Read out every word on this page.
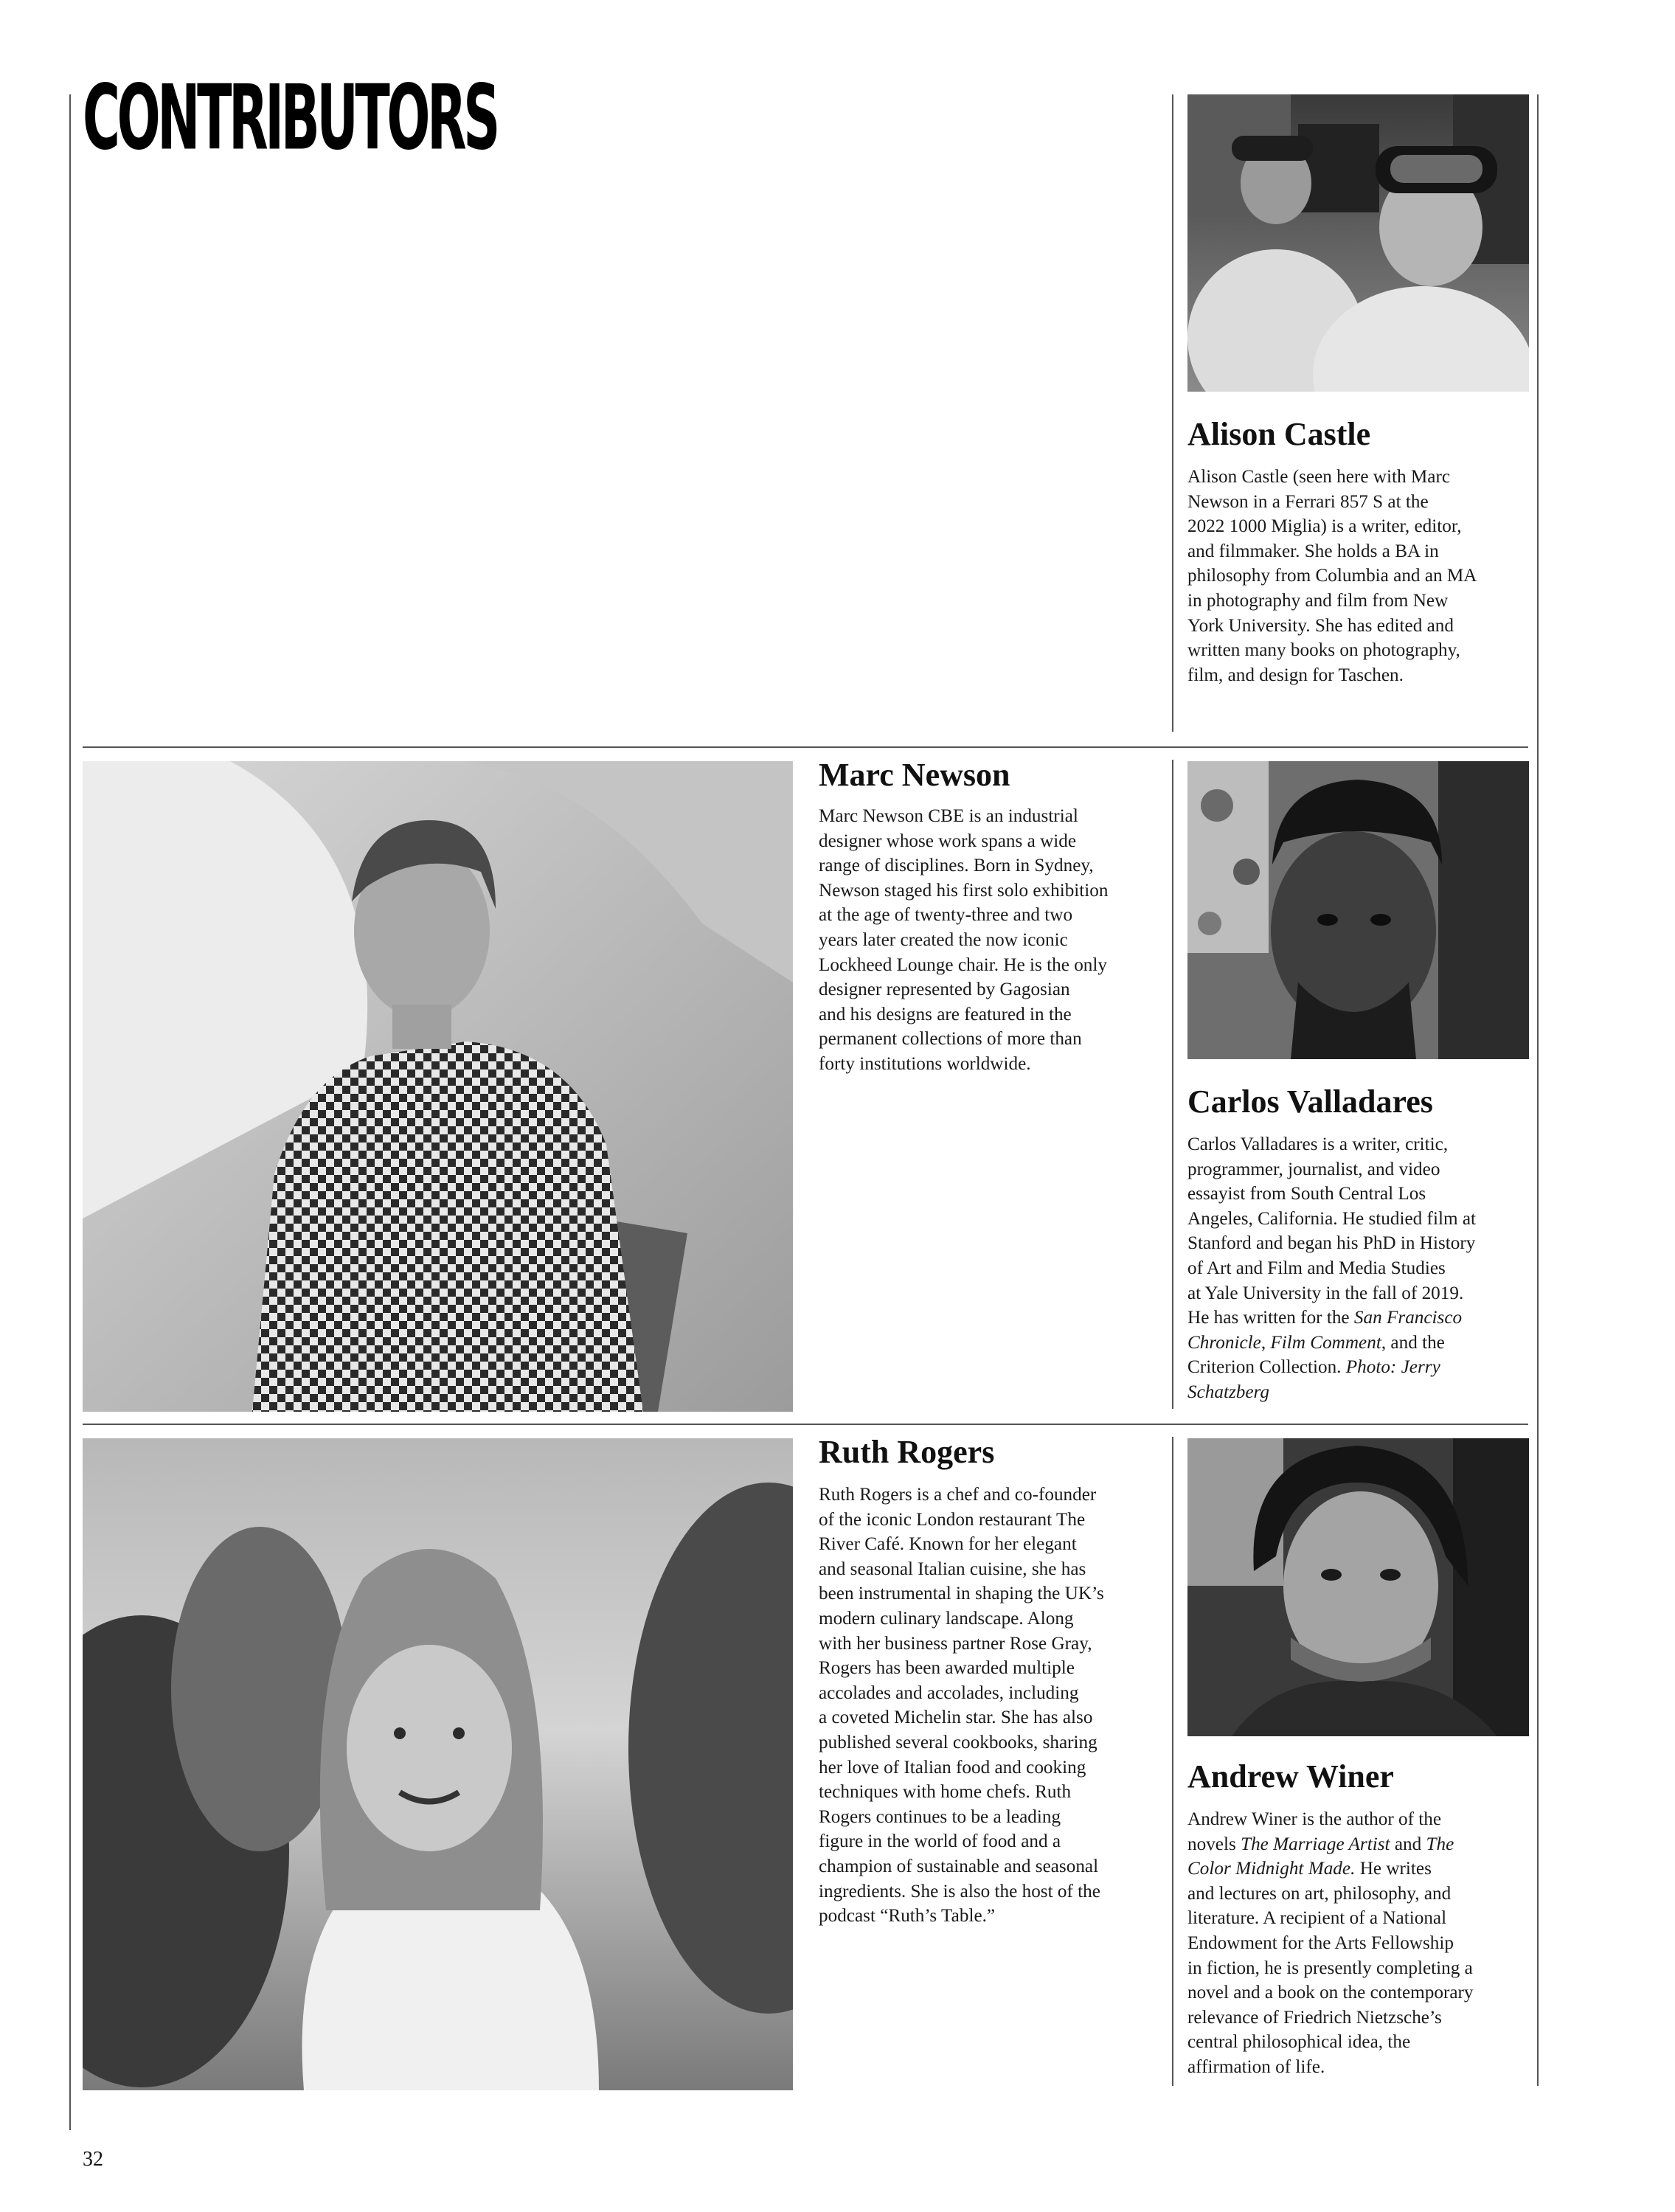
CONTRIBUTORS
Alison Castle

Alison Castle (seen here with Marc
Newson in a Ferrari 857 S at the
2022 1000 Miglia) is a writer, editor,
and filmmaker. She holds a BA in
philosophy from Columbia and an MA
in photography and film from New
York University. She has edited and
written many books on photography,
film, and design for Taschen.

Marc Newson

Marc Newson CBE is an industrial
designer whose work spans a wide
range of disciplines. Born in Sydney,
Newson staged his first solo exhibition
at the age of twenty-three and two
years later created the now iconic
Lockheed Lounge chair. He is the only
designer represented by Gagosian
and his designs are featured in the
permanent collections of more than
forty institutions worldwide.

Carlos Valladares

Carlos Valladares is a writer, critic,
programmer, journalist, and video
essayist from South Central Los
Angeles, California. He studied film at
Stanford and began his PhD in History
of Art and Film and Media Studies
at Yale University in the fall of 2019.
He has written for the San Francisco
Chronicle, Film Comment, and the
Criterion Collection. Photo: Jerry
Schatzberg

Ruth Rogers

Ruth Rogers is a chef and co-founder
of the iconic London restaurant The
River Café. Known for her elegant
and seasonal Italian cuisine, she has
been instrumental in shaping the UK’s
modern culinary landscape. Along
with her business partner Rose Gray,
Rogers has been awarded multiple
accolades and accolades, including
a coveted Michelin star. She has also
published several cookbooks, sharing
her love of Italian food and cooking
techniques with home chefs. Ruth
Rogers continues to be a leading
figure in the world of food and a
champion of sustainable and seasonal
ingredients. She is also the host of the
podcast “Ruth’s Table.”

Andrew Winer

Andrew Winer is the author of the
novels The Marriage Artist and The
Color Midnight Made. He writes
and lectures on art, philosophy, and
literature. A recipient of a National
Endowment for the Arts Fellowship
in fiction, he is presently completing a
novel and a book on the contemporary
relevance of Friedrich Nietzsche’s
central philosophical idea, the
affirmation of life.

32
